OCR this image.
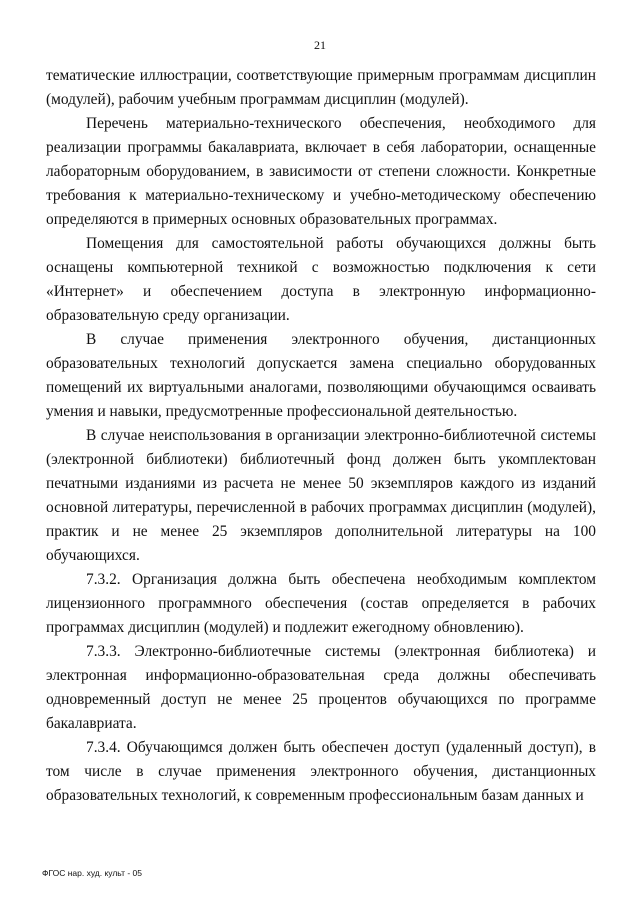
21

тематические иллюстрации, соответствующие примерным программам дисциплин (модулей), рабочим учебным программам дисциплин (модулей).

Перечень материально-технического обеспечения, необходимого для реализации программы бакалавриата, включает в себя лаборатории, оснащенные лабораторным оборудованием, в зависимости от степени сложности. Конкретные требования к материально-техническому и учебно-методическому обеспечению определяются в примерных основных образовательных программах.

Помещения для самостоятельной работы обучающихся должны быть оснащены компьютерной техникой с возможностью подключения к сети «Интернет» и обеспечением доступа в электронную информационно-образовательную среду организации.

В случае применения электронного обучения, дистанционных образовательных технологий допускается замена специально оборудованных помещений их виртуальными аналогами, позволяющими обучающимся осваивать умения и навыки, предусмотренные профессиональной деятельностью.

В случае неиспользования в организации электронно-библиотечной системы (электронной библиотеки) библиотечный фонд должен быть укомплектован печатными изданиями из расчета не менее 50 экземпляров каждого из изданий основной литературы, перечисленной в рабочих программах дисциплин (модулей), практик и не менее 25 экземпляров дополнительной литературы на 100 обучающихся.

7.3.2. Организация должна быть обеспечена необходимым комплектом лицензионного программного обеспечения (состав определяется в рабочих программах дисциплин (модулей) и подлежит ежегодному обновлению).

7.3.3. Электронно-библиотечные системы (электронная библиотека) и электронная информационно-образовательная среда должны обеспечивать одновременный доступ не менее 25 процентов обучающихся по программе бакалавриата.

7.3.4. Обучающимся должен быть обеспечен доступ (удаленный доступ), в том числе в случае применения электронного обучения, дистанционных образовательных технологий, к современным профессиональным базам данных и

ФГОС нар. худ. культ - 05
